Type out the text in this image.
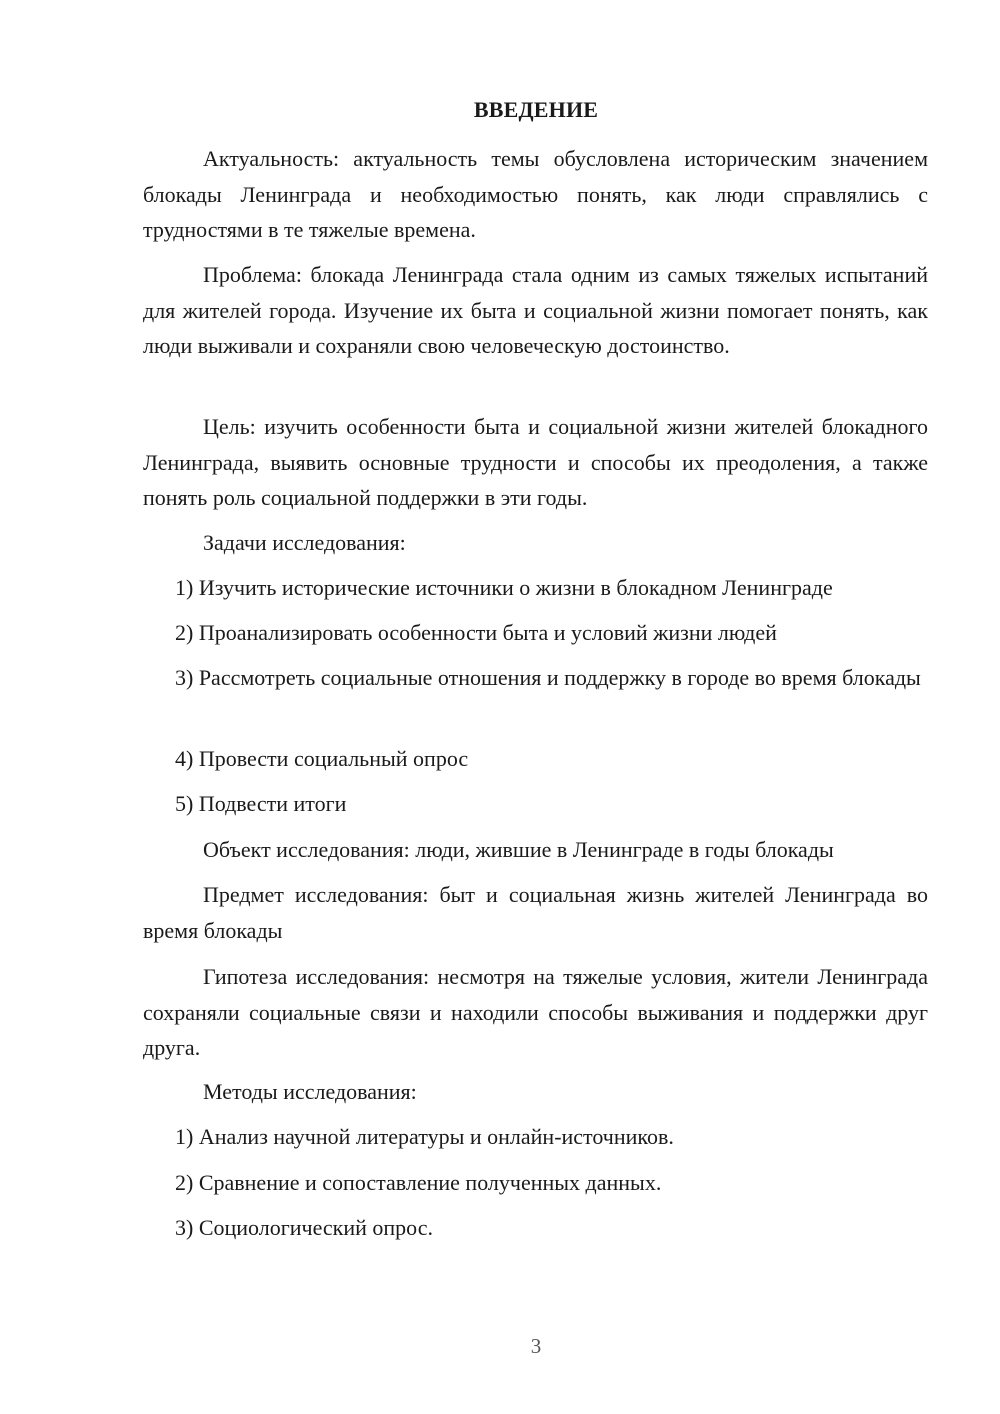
ВВЕДЕНИЕ

Актуальность: актуальность темы обусловлена историческим значением блокады Ленинграда и необходимостью понять, как люди справлялись с трудностями в те тяжелые времена.

Проблема: блокада Ленинграда стала одним из самых тяжелых испытаний для жителей города. Изучение их быта и социальной жизни помогает понять, как люди выживали и сохраняли свою человеческую достоинство.

Цель: изучить особенности быта и социальной жизни жителей блокадного Ленинграда, выявить основные трудности и способы их преодоления, а также понять роль социальной поддержки в эти годы.

Задачи исследования:

1) Изучить исторические источники о жизни в блокадном Ленинграде

2) Проанализировать особенности быта и условий жизни людей

3) Рассмотреть социальные отношения и поддержку в городе во время блокады

4) Провести социальный опрос

5) Подвести итоги

Объект исследования: люди, жившие в Ленинграде в годы блокады

Предмет исследования: быт и социальная жизнь жителей Ленинграда во время блокады

Гипотеза исследования: несмотря на тяжелые условия, жители Ленинграда сохраняли социальные связи и находили способы выживания и поддержки друг друга.

Методы исследования:

1) Анализ научной литературы и онлайн-источников.

2) Сравнение и сопоставление полученных данных.

3) Социологический опрос.

3
